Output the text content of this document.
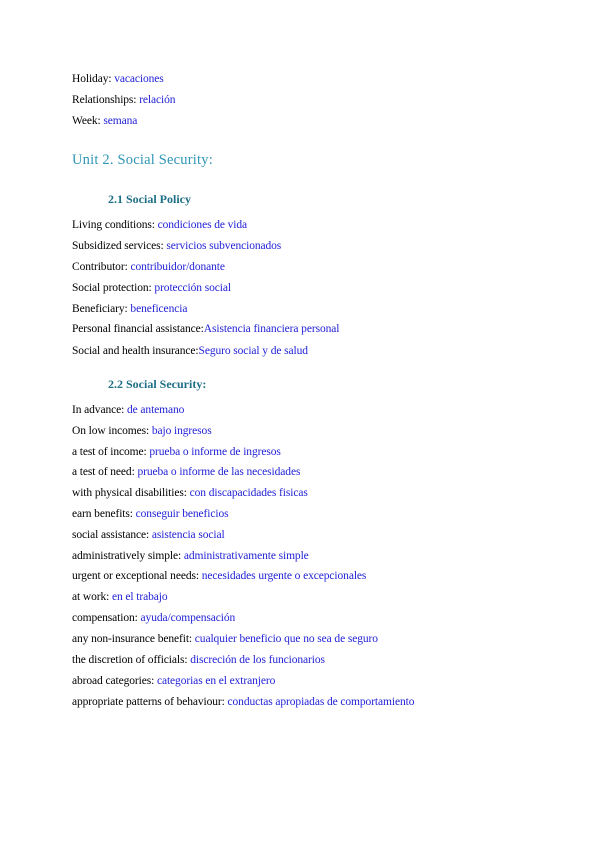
Holiday: vacaciones
Relationships: relación
Week: semana
Unit 2. Social Security:
2.1 Social Policy
Living conditions: condiciones de vida
Subsidized services: servicios subvencionados
Contributor: contribuidor/donante
Social protection: protección social
Beneficiary: beneficencia
Personal financial assistance:Asistencia financiera personal
Social and health insurance:Seguro social y de salud
2.2 Social Security:
In advance: de antemano
On low incomes: bajo ingresos
a test of income: prueba o informe de ingresos
a test of need: prueba o informe de las necesidades
with physical disabilities: con discapacidades fisicas
earn benefits: conseguir beneficios
social assistance: asistencia social
administratively simple: administrativamente simple
urgent or exceptional needs: necesidades urgente o excepcionales
at work: en el trabajo
compensation: ayuda/compensación
any non-insurance benefit: cualquier beneficio que no sea de seguro
the discretion of officials: discreción de los funcionarios
abroad categories: categorias en el extranjero
appropriate patterns of behaviour: conductas apropiadas de comportamiento
